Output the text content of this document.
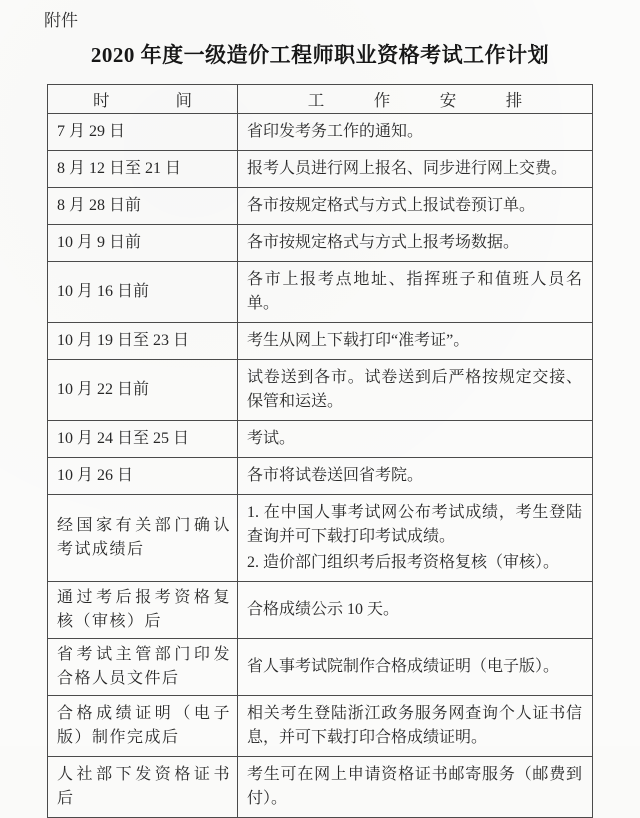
附件
2020 年度一级造价工程师职业资格考试工作计划
时　　　　间	工　　　作　　　安　　　排
7 月 29 日	省印发考务工作的通知。

8 月 12 日至 21 日	报考人员进行网上报名、同步进行网上交费。

8 月 28 日前	各市按规定格式与方式上报试卷预订单。

10 月 9 日前	各市按规定格式与方式上报考场数据。

10 月 16 日前	各市上报考点地址、指挥班子和值班人员名单。

10 月 19 日至 23 日	考生从网上下载打印“准考证”。

10 月 22 日前	试卷送到各市。试卷送到后严格按规定交接、保管和运送。

10 月 24 日至 25 日	考试。

10 月 26 日	各市将试卷送回省考院。

经国家有关部门确认考试成绩后	1. 在中国人事考试网公布考试成绩，考生登陆查询并可下载打印考试成绩。

2. 造价部门组织考后报考资格复核（审核）。

通过考后报考资格复核（审核）后	合格成绩公示 10 天。

省考试主管部门印发合格人员文件后	省人事考试院制作合格成绩证明（电子版）。

合格成绩证明（电子版）制作完成后	相关考生登陆浙江政务服务网查询个人证书信息，并可下载打印合格成绩证明。

人社部下发资格证书后	考生可在网上申请资格证书邮寄服务（邮费到付）。
